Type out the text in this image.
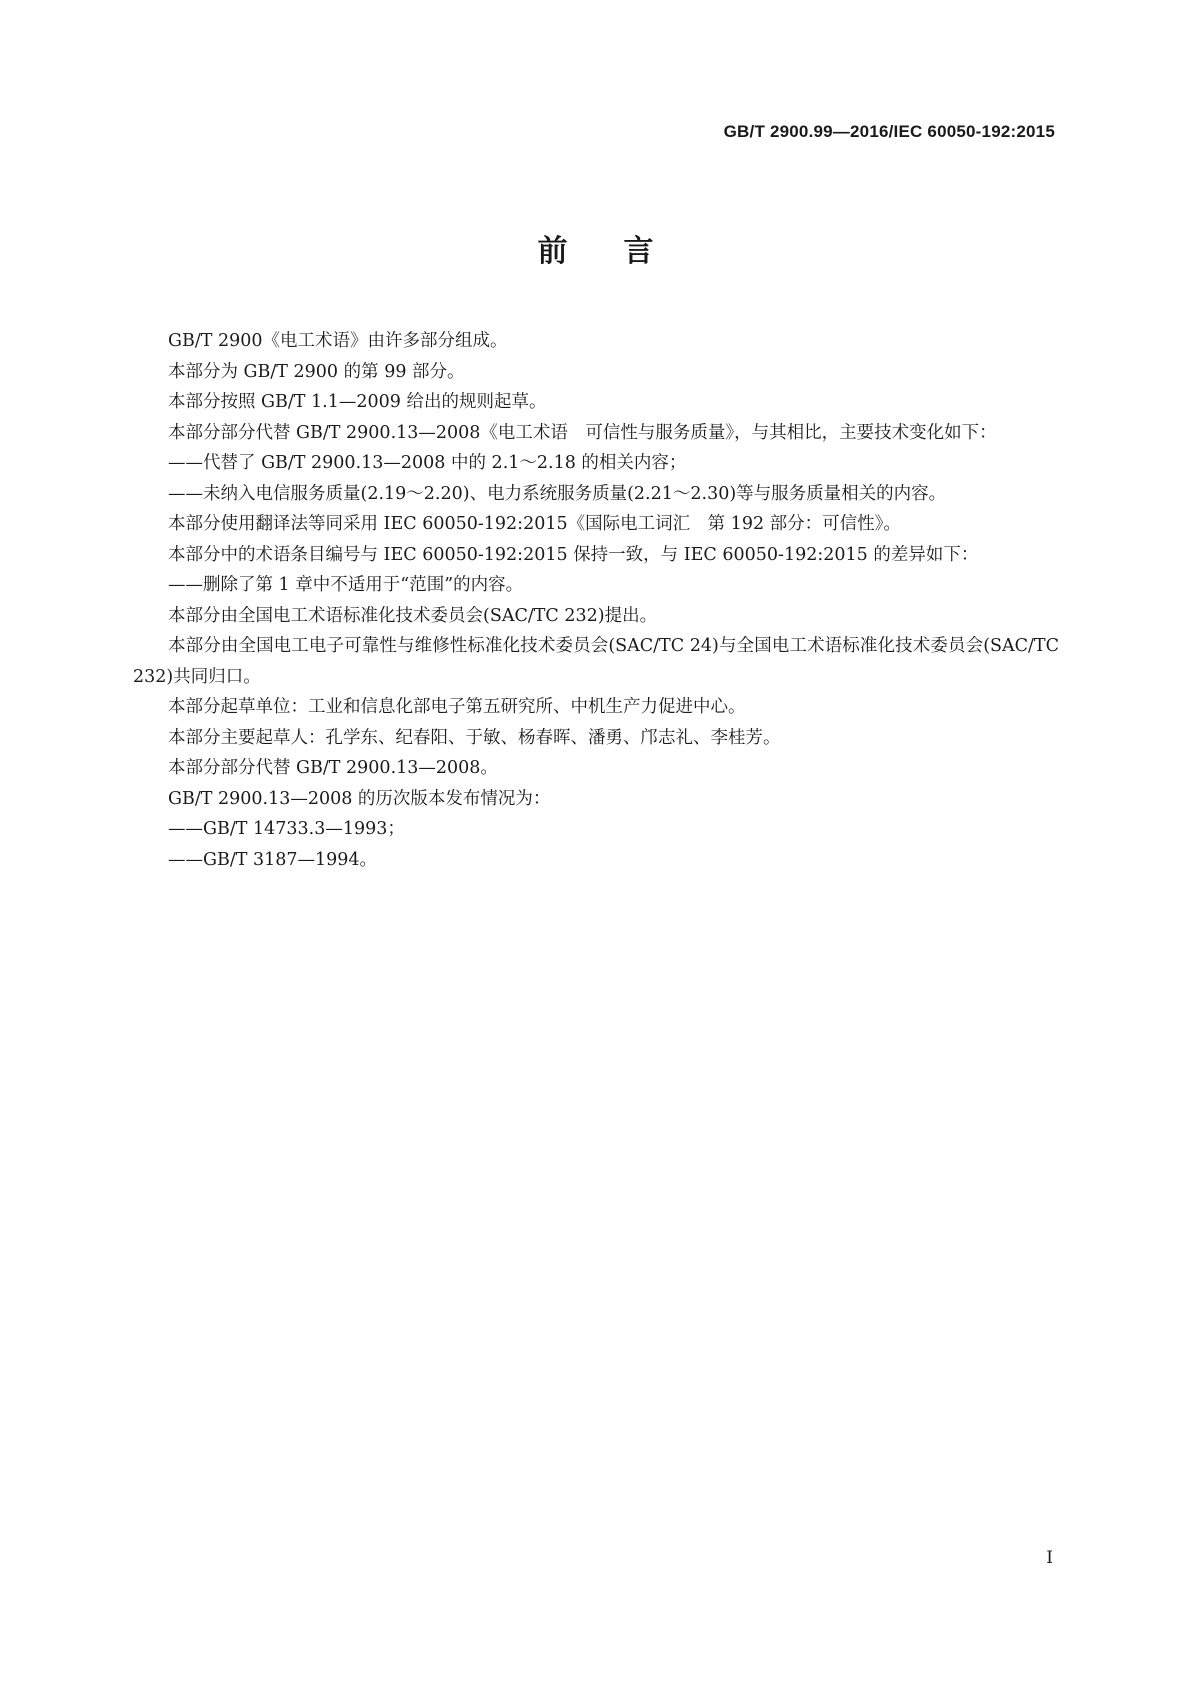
GB/T 2900.99—2016/IEC 60050-192:2015
前言

GB/T 2900《电工术语》由许多部分组成。

本部分为 GB/T 2900 的第 99 部分。

本部分按照 GB/T 1.1—2009 给出的规则起草。

本部分部分代替 GB/T 2900.13—2008《电工术语　可信性与服务质量》，与其相比，主要技术变化如下：

——代替了 GB/T 2900.13—2008 中的 2.1～2.18 的相关内容；

——未纳入电信服务质量(2.19～2.20)、电力系统服务质量(2.21～2.30)等与服务质量相关的内容。

本部分使用翻译法等同采用 IEC 60050-192:2015《国际电工词汇　第 192 部分：可信性》。

本部分中的术语条目编号与 IEC 60050-192:2015 保持一致，与 IEC 60050-192:2015 的差异如下：

——删除了第 1 章中不适用于“范围”的内容。

本部分由全国电工术语标准化技术委员会(SAC/TC 232)提出。

本部分由全国电工电子可靠性与维修性标准化技术委员会(SAC/TC 24)与全国电工术语标准化技术委员会(SAC/TC 232)共同归口。

本部分起草单位：工业和信息化部电子第五研究所、中机生产力促进中心。

本部分主要起草人：孔学东、纪春阳、于敏、杨春晖、潘勇、邝志礼、李桂芳。

本部分部分代替 GB/T 2900.13—2008。

GB/T 2900.13—2008 的历次版本发布情况为：

——GB/T 14733.3—1993；

——GB/T 3187—1994。

I
